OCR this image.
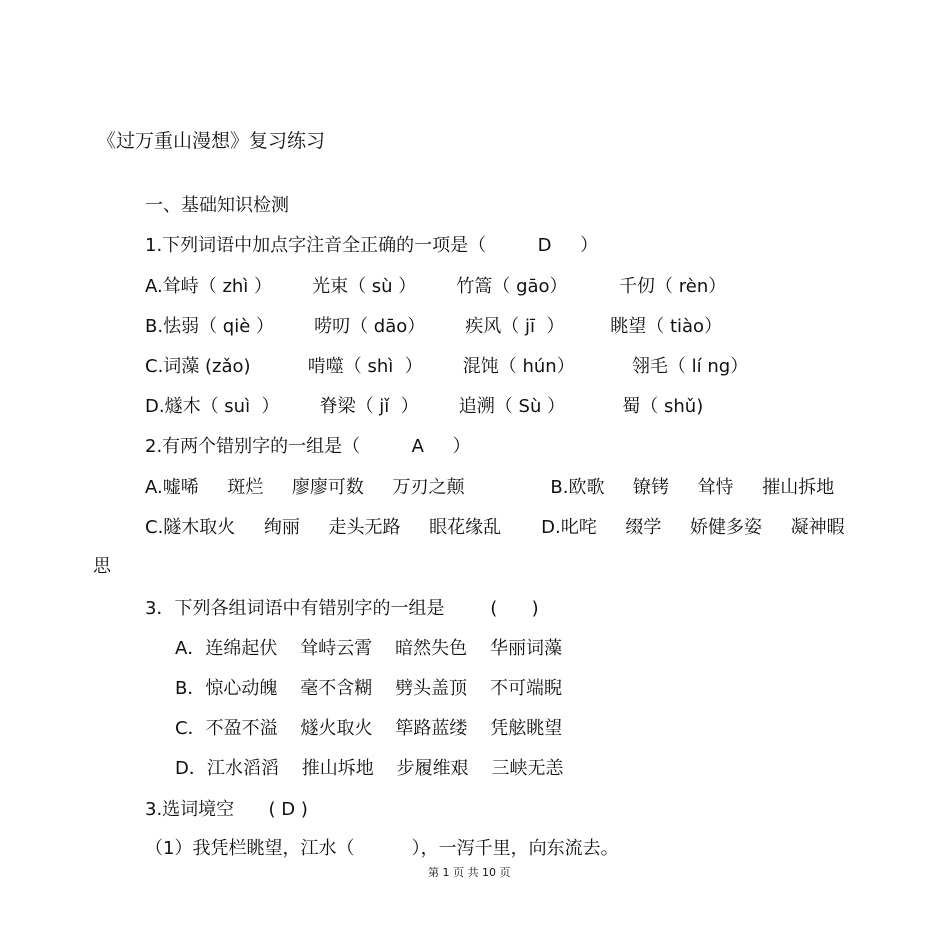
《过万重山漫想》复习练习
一、基础知识检测
1.下列词语中加点字注音全正确的一项是（         D     ）
A.耸峙（ zhì ）       光束（ sù ）       竹篙（ gāo）         千仞（ rèn）
B.怯弱（ qiè ）       唠叨（ dāo）       疾风（ jī  ）        眺望（ tiào）
C.词藻 (zǎo)          啃噬（ shì  ）       混饨（ hún）          翎毛（ lí ng）
D.燧木（ suì  ）       脊梁（ jǐ  ）       追溯（ Sù ）          蜀（ shǔ)
2.有两个错别字的一组是（         A     ）
A.嘘唏     斑烂     廖廖可数     万刃之颠               B.欧歌     镣铐     耸恃     摧山拆地
C.隧木取火     绚丽     走头无路     眼花缘乱       D.叱咤     缀学     娇健多姿     凝神暇
思
3．下列各组词语中有错别字的一组是        (      )
A．连绵起伏    耸峙云霄    暗然失色    华丽词藻
B．惊心动魄    毫不含糊    劈头盖顶    不可端睨
C．不盈不溢    燧火取火    筚路蓝缕    凭舷眺望
D．江水滔滔    推山坼地    步履维艰    三峡无恙
3.选词境空      ( D )
（1）我凭栏眺望，江水（          ），一泻千里，向东流去。
第 1 页 共 10 页
